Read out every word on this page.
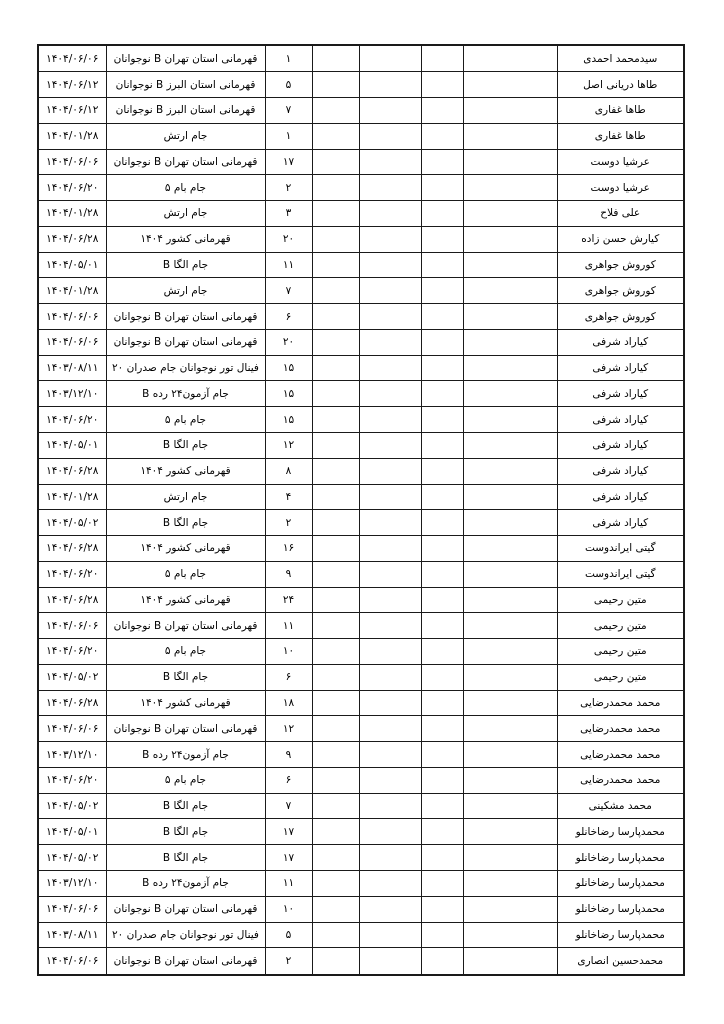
سیدمحمد احمدی					۱	قهرمانی استان تهران B نوجوانان	۱۴۰۴/۰۶/۰۶
طاها دریانی اصل					۵	قهرمانی استان البرز B نوجوانان	۱۴۰۴/۰۶/۱۲
طاها غفاری					۷	قهرمانی استان البرز B نوجوانان	۱۴۰۴/۰۶/۱۲
طاها غفاری					۱	جام ارتش	۱۴۰۴/۰۱/۲۸
عرشیا دوست					۱۷	قهرمانی استان تهران B نوجوانان	۱۴۰۴/۰۶/۰۶
عرشیا دوست					۲	جام بام ۵	۱۴۰۴/۰۶/۲۰
علی فلاح					۳	جام ارتش	۱۴۰۴/۰۱/۲۸
کیارش حسن زاده					۲۰	قهرمانی کشور ۱۴۰۴	۱۴۰۴/۰۶/۲۸
کوروش جواهری					۱۱	جام الگا B	۱۴۰۴/۰۵/۰۱
کوروش جواهری					۷	جام ارتش	۱۴۰۴/۰۱/۲۸
کوروش جواهری					۶	قهرمانی استان تهران B نوجوانان	۱۴۰۴/۰۶/۰۶
کیاراد شرفی					۲۰	قهرمانی استان تهران B نوجوانان	۱۴۰۴/۰۶/۰۶
کیاراد شرفی					۱۵	فینال تور نوجوانان جام صدران ۲۰	۱۴۰۳/۰۸/۱۱
کیاراد شرفی					۱۵	جام آزمون۲۴ رده B	۱۴۰۳/۱۲/۱۰
کیاراد شرفی					۱۵	جام بام ۵	۱۴۰۴/۰۶/۲۰
کیاراد شرفی					۱۲	جام الگا B	۱۴۰۴/۰۵/۰۱
کیاراد شرفی					۸	قهرمانی کشور ۱۴۰۴	۱۴۰۴/۰۶/۲۸
کیاراد شرفی					۴	جام ارتش	۱۴۰۴/۰۱/۲۸
کیاراد شرفی					۲	جام الگا B	۱۴۰۴/۰۵/۰۲
گیتی ایراندوست					۱۶	قهرمانی کشور ۱۴۰۴	۱۴۰۴/۰۶/۲۸
گیتی ایراندوست					۹	جام بام ۵	۱۴۰۴/۰۶/۲۰
متین رحیمی					۲۴	قهرمانی کشور ۱۴۰۴	۱۴۰۴/۰۶/۲۸
متین رحیمی					۱۱	قهرمانی استان تهران B نوجوانان	۱۴۰۴/۰۶/۰۶
متین رحیمی					۱۰	جام بام ۵	۱۴۰۴/۰۶/۲۰
متین رحیمی					۶	جام الگا B	۱۴۰۴/۰۵/۰۲
محمد محمدرضایی					۱۸	قهرمانی کشور ۱۴۰۴	۱۴۰۴/۰۶/۲۸
محمد محمدرضایی					۱۲	قهرمانی استان تهران B نوجوانان	۱۴۰۴/۰۶/۰۶
محمد محمدرضایی					۹	جام آزمون۲۴ رده B	۱۴۰۳/۱۲/۱۰
محمد محمدرضایی					۶	جام بام ۵	۱۴۰۴/۰۶/۲۰
محمد مشکینی					۷	جام الگا B	۱۴۰۴/۰۵/۰۲
محمدپارسا رضاخانلو					۱۷	جام الگا B	۱۴۰۴/۰۵/۰۱
محمدپارسا رضاخانلو					۱۷	جام الگا B	۱۴۰۴/۰۵/۰۲
محمدپارسا رضاخانلو					۱۱	جام آزمون۲۴ رده B	۱۴۰۳/۱۲/۱۰
محمدپارسا رضاخانلو					۱۰	قهرمانی استان تهران B نوجوانان	۱۴۰۴/۰۶/۰۶
محمدپارسا رضاخانلو					۵	فینال تور نوجوانان جام صدران ۲۰	۱۴۰۳/۰۸/۱۱
محمدحسین انصاری					۲	قهرمانی استان تهران B نوجوانان	۱۴۰۴/۰۶/۰۶
